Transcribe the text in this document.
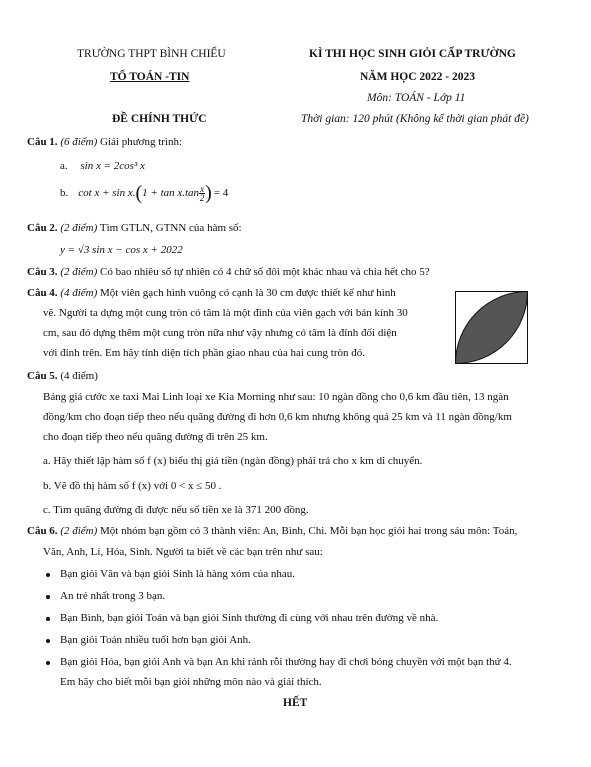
TRƯỜNG THPT BÌNH CHIỂU
TỔ TOÁN -TIN
ĐỀ CHÍNH THỨC
KÌ THI HỌC SINH GIỎI CẤP TRƯỜNG
NĂM HỌC 2022 - 2023
Môn: TOÁN - Lớp 11
Thời gian: 120 phút (Không kể thời gian phát đề)
Câu 1. (6 điểm) Giải phương trình:
a. sin x = 2cos³ x
b. cot x + sin x. ( $1 + \tan x.\tan \frac{x}{2}$ ) = 4
Câu 2. (2 điểm) Tìm GTLN, GTNN của hàm số:
y = √3 sin x − cos x + 2022
Câu 3. (2 điểm) Có bao nhiêu số tự nhiên có 4 chữ số đôi một khác nhau và chia hết cho 5?
Câu 4. (4 điểm) Một viên gạch hình vuông có cạnh là 30 cm được thiết kế như hình
vẽ. Người ta dựng một cung tròn có tâm là một đỉnh của viên gạch với bán kính 30
cm, sau đó dựng thêm một cung tròn nữa như vậy nhưng có tâm là đỉnh đối diện
với đỉnh trên. Em hãy tính diện tích phần giao nhau của hai cung tròn đó.
Câu 5. (4 điểm)
Bảng giá cước xe taxi Mai Linh loại xe Kia Morning như sau: 10 ngàn đồng cho 0,6 km đầu tiên, 13 ngàn
đồng/km cho đoạn tiếp theo nếu quãng đường đi hơn 0,6 km nhưng không quá 25 km và 11 ngàn đồng/km
cho đoạn tiếp theo nếu quãng đường đi trên 25 km.
a. Hãy thiết lập hàm số f (x) biểu thị giá tiền (ngàn đồng) phải trả cho x km di chuyển.
b. Vẽ đồ thị hàm số f (x) với 0 < x ≤ 50 .
c. Tìm quãng đường đi được nếu số tiền xe là 371 200 đồng.
Câu 6. (2 điểm) Một nhóm bạn gồm có 3 thành viên: An, Bình, Chi. Mỗi bạn học giỏi hai trong sáu môn: Toán,
Văn, Anh, Lí, Hóa, Sinh. Người ta biết về các bạn trên như sau:
Bạn giỏi Văn và bạn giỏi Sinh là hàng xóm của nhau.
An trẻ nhất trong 3 bạn.
Bạn Bình, bạn giỏi Toán và bạn giỏi Sinh thường đi cùng với nhau trên đường về nhà.
Bạn giỏi Toán nhiều tuổi hơn bạn giỏi Anh.
Bạn giỏi Hóa, bạn giỏi Anh và bạn An khi rảnh rỗi thường hay đi chơi bóng chuyền với một bạn thứ 4.
Em hãy cho biết mỗi bạn giỏi những môn nào và giải thích.
HẾT
